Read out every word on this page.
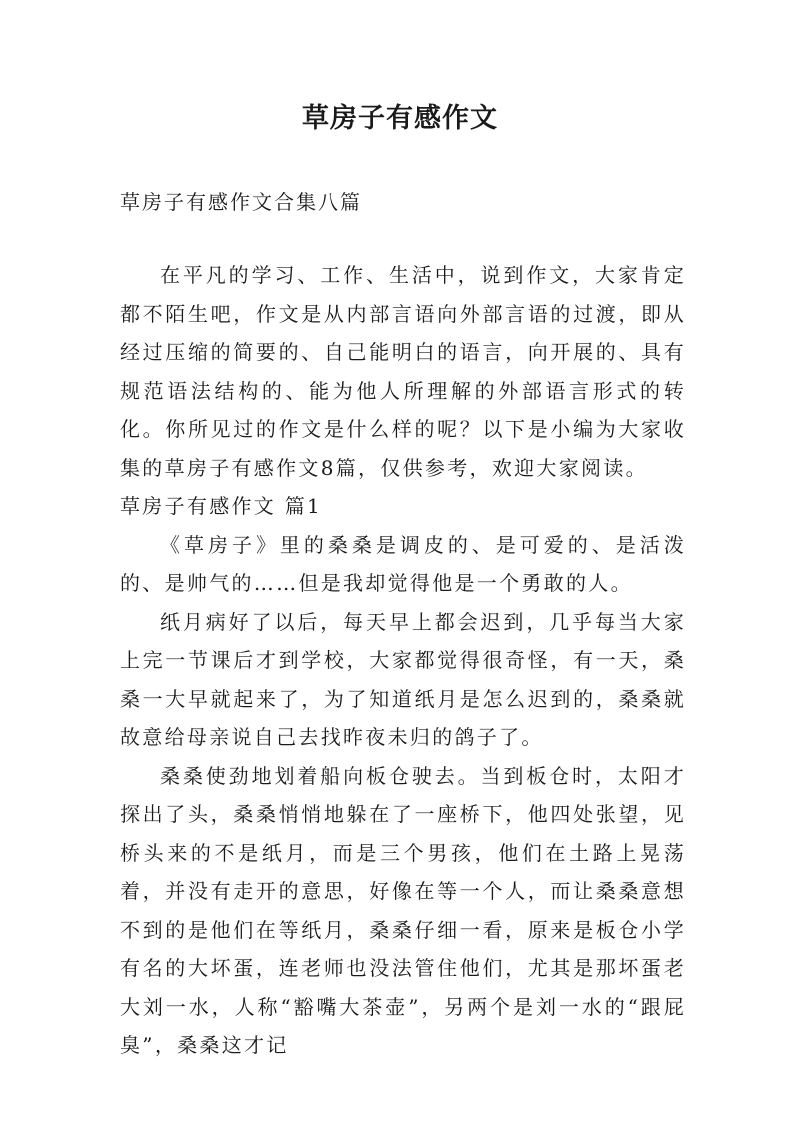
草房子有感作文
草房子有感作文合集八篇

在平凡的学习、工作、生活中，说到作文，大家肯定都不陌生吧，作文是从内部言语向外部言语的过渡，即从经过压缩的简要的、自己能明白的语言，向开展的、具有规范语法结构的、能为他人所理解的外部语言形式的转化。你所见过的作文是什么样的呢？以下是小编为大家收集的草房子有感作文8篇，仅供参考，欢迎大家阅读。

草房子有感作文 篇1

《草房子》里的桑桑是调皮的、是可爱的、是活泼的、是帅气的……但是我却觉得他是一个勇敢的人。

纸月病好了以后，每天早上都会迟到，几乎每当大家上完一节课后才到学校，大家都觉得很奇怪，有一天，桑桑一大早就起来了，为了知道纸月是怎么迟到的，桑桑就故意给母亲说自己去找昨夜未归的鸽子了。

桑桑使劲地划着船向板仓驶去。当到板仓时，太阳才探出了头，桑桑悄悄地躲在了一座桥下，他四处张望，见桥头来的不是纸月，而是三个男孩，他们在土路上晃荡着，并没有走开的意思，好像在等一个人，而让桑桑意想不到的是他们在等纸月，桑桑仔细一看，原来是板仓小学有名的大坏蛋，连老师也没法管住他们，尤其是那坏蛋老大刘一水，人称“豁嘴大茶壶”，另两个是刘一水的“跟屁臭”，桑桑这才记
